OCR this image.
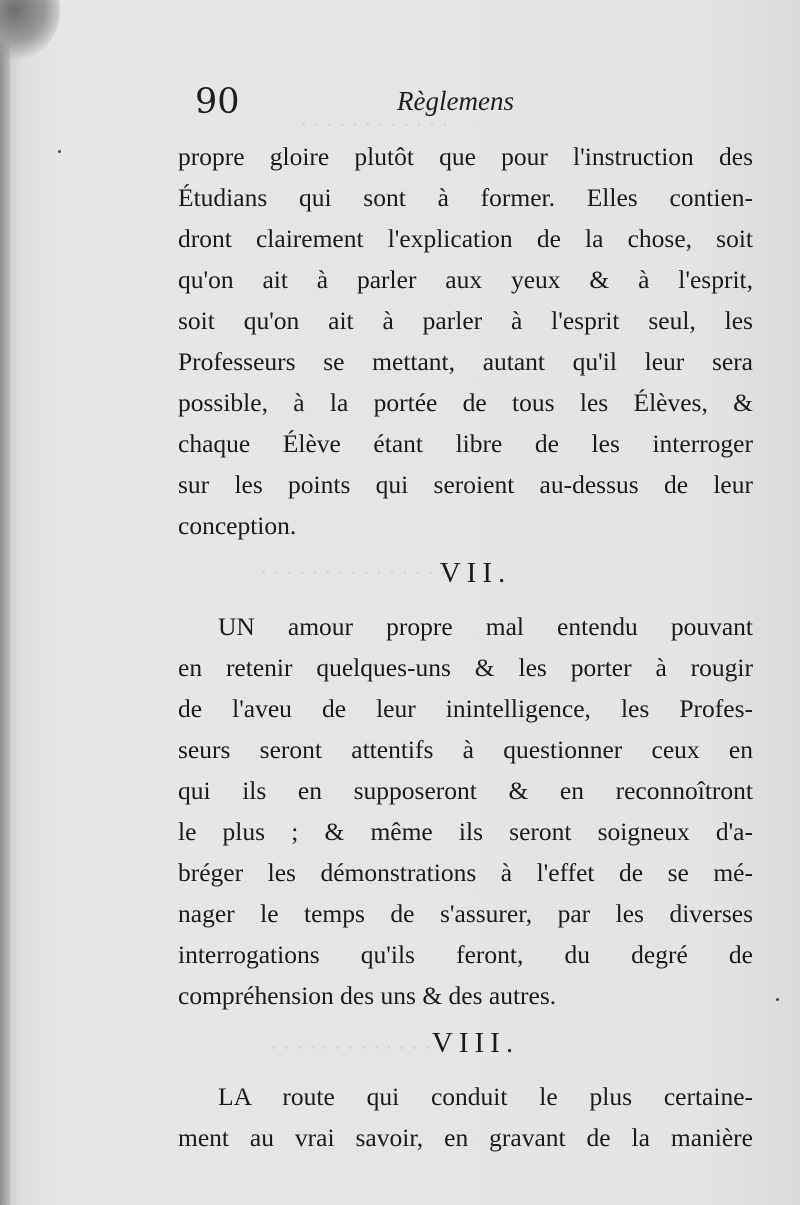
· · · · · · · · · · · ·
· · · · · · · · · · · · · · ·
· · · · · · · · · · · · · ·
90	Règlemens
propre gloire plutôt que pour l'instruction des
Étudians qui sont à former. Elles contien-
dront clairement l'explication de la chose, soit
qu'on ait à parler aux yeux & à l'esprit,
soit qu'on ait à parler à l'esprit seul, les
Professeurs se mettant, autant qu'il leur sera
possible, à la portée de tous les Élèves, &
chaque Élève étant libre de les interroger
sur les points qui seroient au-dessus de leur
conception.
VII.
UN amour propre mal entendu pouvant
en retenir quelques-uns & les porter à rougir
de l'aveu de leur inintelligence, les Profes-
seurs seront attentifs à questionner ceux en
qui ils en supposeront & en reconnoîtront
le plus ; & même ils seront soigneux d'a-
bréger les démonstrations à l'effet de se mé-
nager le temps de s'assurer, par les diverses
interrogations qu'ils feront, du degré de
compréhension des uns & des autres.
VIII.
LA route qui conduit le plus certaine-
ment au vrai savoir, en gravant de la manière
